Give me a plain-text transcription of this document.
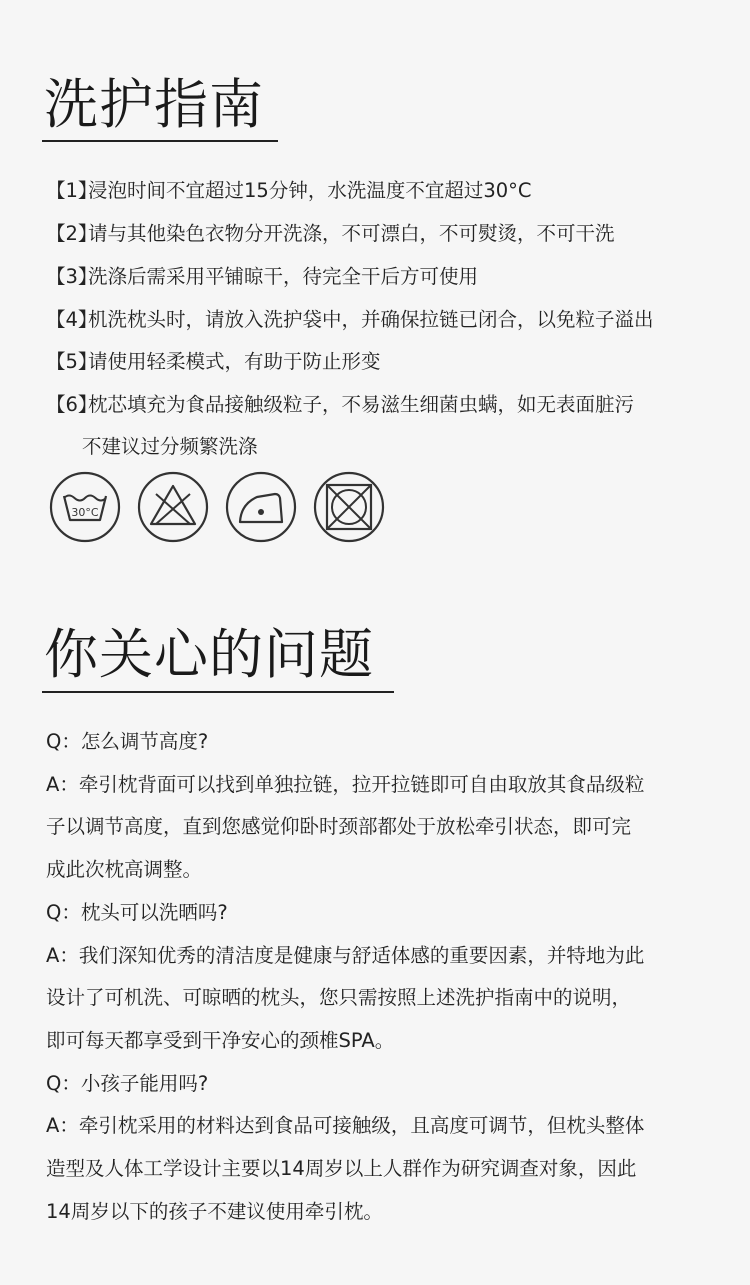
洗护指南
【1】浸泡时间不宜超过15分钟，水洗温度不宜超过30°C
【2】请与其他染色衣物分开洗涤，不可漂白，不可熨烫，不可干洗
【3】洗涤后需采用平铺晾干，待完全干后方可使用
【4】机洗枕头时，请放入洗护袋中，并确保拉链已闭合，以免粒子溢出
【5】请使用轻柔模式，有助于防止形变
【6】枕芯填充为食品接触级粒子，不易滋生细菌虫螨，如无表面脏污
不建议过分频繁洗涤
30°C
你关心的问题
Q：怎么调节高度?
A：牵引枕背面可以找到单独拉链，拉开拉链即可自由取放其食品级粒
子以调节高度，直到您感觉仰卧时颈部都处于放松牵引状态，即可完
成此次枕高调整。
Q：枕头可以洗晒吗?
A：我们深知优秀的清洁度是健康与舒适体感的重要因素，并特地为此
设计了可机洗、可晾晒的枕头，您只需按照上述洗护指南中的说明，
即可每天都享受到干净安心的颈椎SPA。
Q：小孩子能用吗?
A：牵引枕采用的材料达到食品可接触级，且高度可调节，但枕头整体
造型及人体工学设计主要以14周岁以上人群作为研究调查对象，因此
14周岁以下的孩子不建议使用牵引枕。
